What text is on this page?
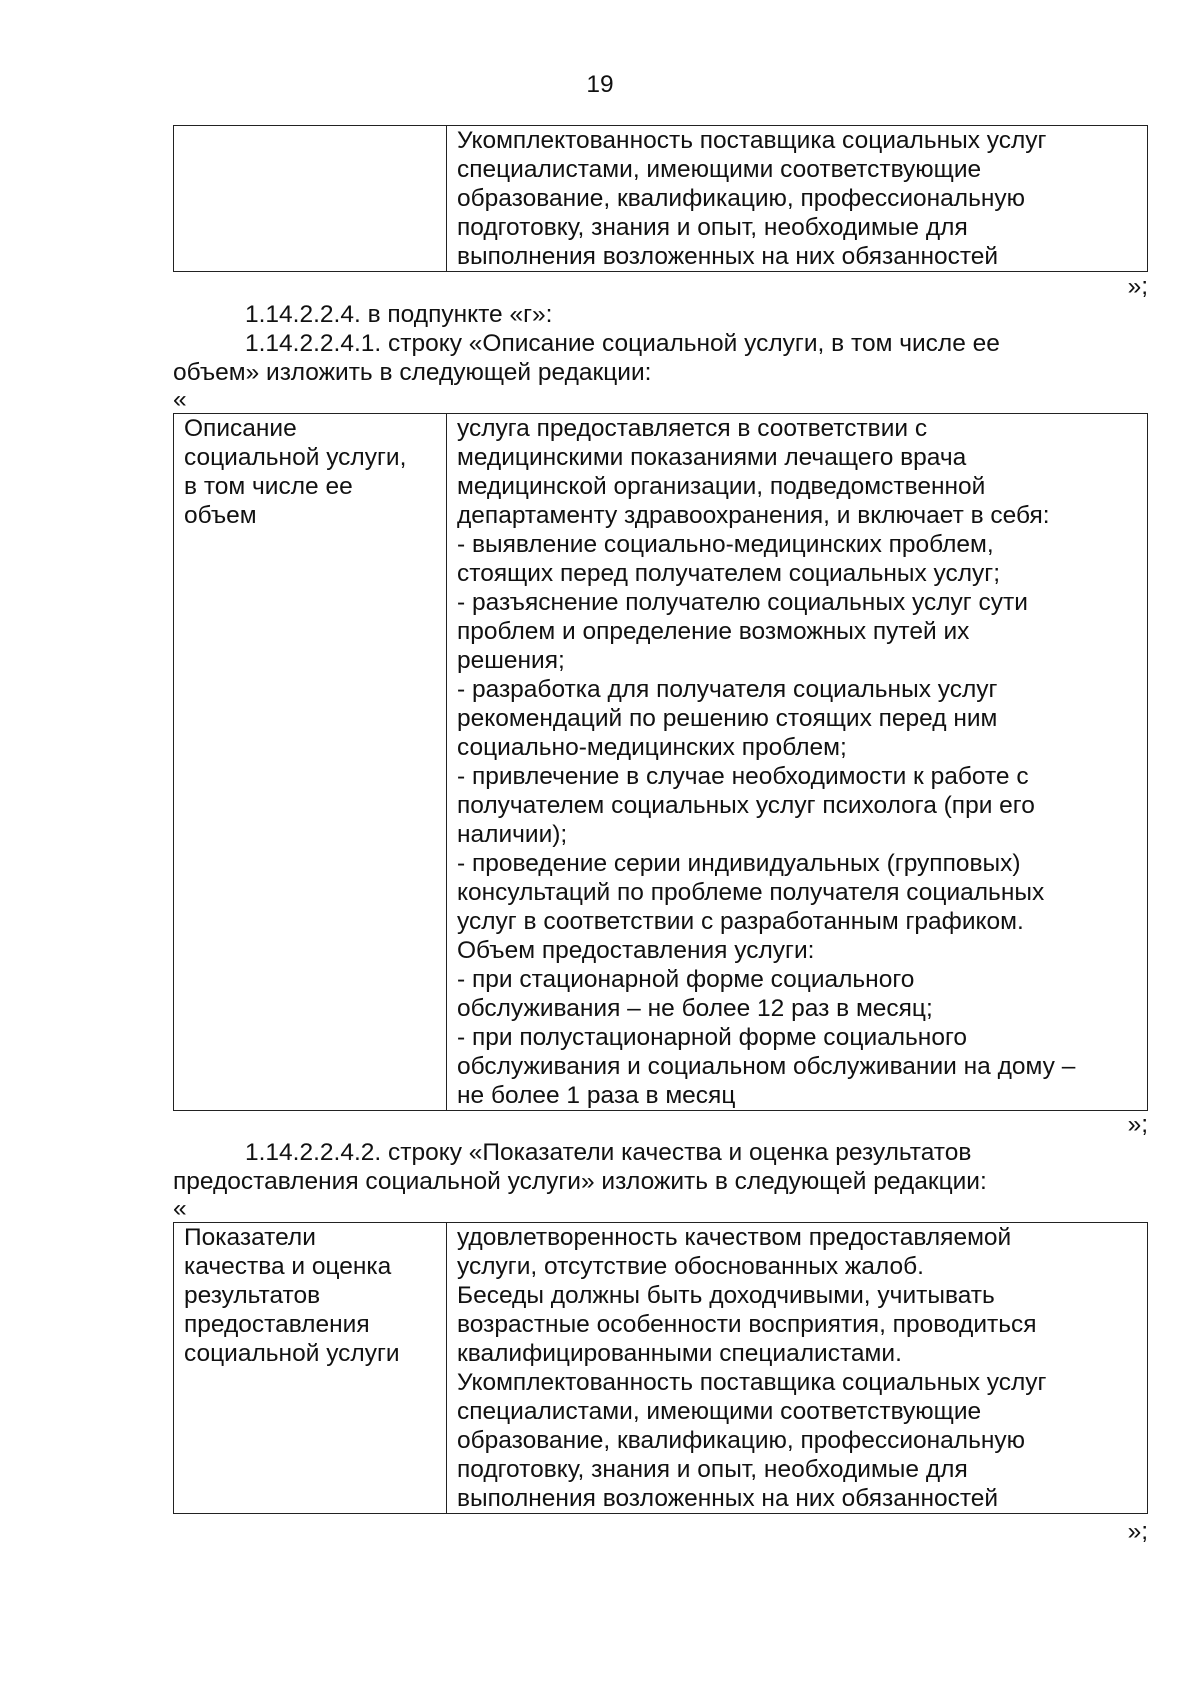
19
	Укомплектованность поставщика социальных услуг
специалистами, имеющими соответствующие
образование, квалификацию, профессиональную
подготовку, знания и опыт, необходимые для
выполнения возложенных на них обязанностей
»;
1.14.2.2.4. в подпункте «г»:
1.14.2.2.4.1. строку «Описание социальной услуги, в том числе ее
объем» изложить в следующей редакции:
«
Описание
социальной услуги,
в том числе ее
объем	услуга предоставляется в соответствии с
медицинскими показаниями лечащего врача
медицинской организации, подведомственной
департаменту здравоохранения, и включает в себя:
- выявление социально-медицинских проблем,
стоящих перед получателем социальных услуг;
- разъяснение получателю социальных услуг сути
проблем и определение возможных путей их
решения;
- разработка для получателя социальных услуг
рекомендаций по решению стоящих перед ним
социально-медицинских проблем;
- привлечение в случае необходимости к работе с
получателем социальных услуг психолога (при его
наличии);
- проведение серии индивидуальных (групповых)
консультаций по проблеме получателя социальных
услуг в соответствии с разработанным графиком.
Объем предоставления услуги:
- при стационарной форме социального
обслуживания – не более 12 раз в месяц;
- при полустационарной форме социального
обслуживания и социальном обслуживании на дому –
не более 1 раза в месяц
»;
1.14.2.2.4.2. строку «Показатели качества и оценка результатов
предоставления социальной услуги» изложить в следующей редакции:
«
Показатели
качества и оценка
результатов
предоставления
социальной услуги	удовлетворенность качеством предоставляемой
услуги, отсутствие обоснованных жалоб.
Беседы должны быть доходчивыми, учитывать
возрастные особенности восприятия, проводиться
квалифицированными специалистами.
Укомплектованность поставщика социальных услуг
специалистами, имеющими соответствующие
образование, квалификацию, профессиональную
подготовку, знания и опыт, необходимые для
выполнения возложенных на них обязанностей
»;
